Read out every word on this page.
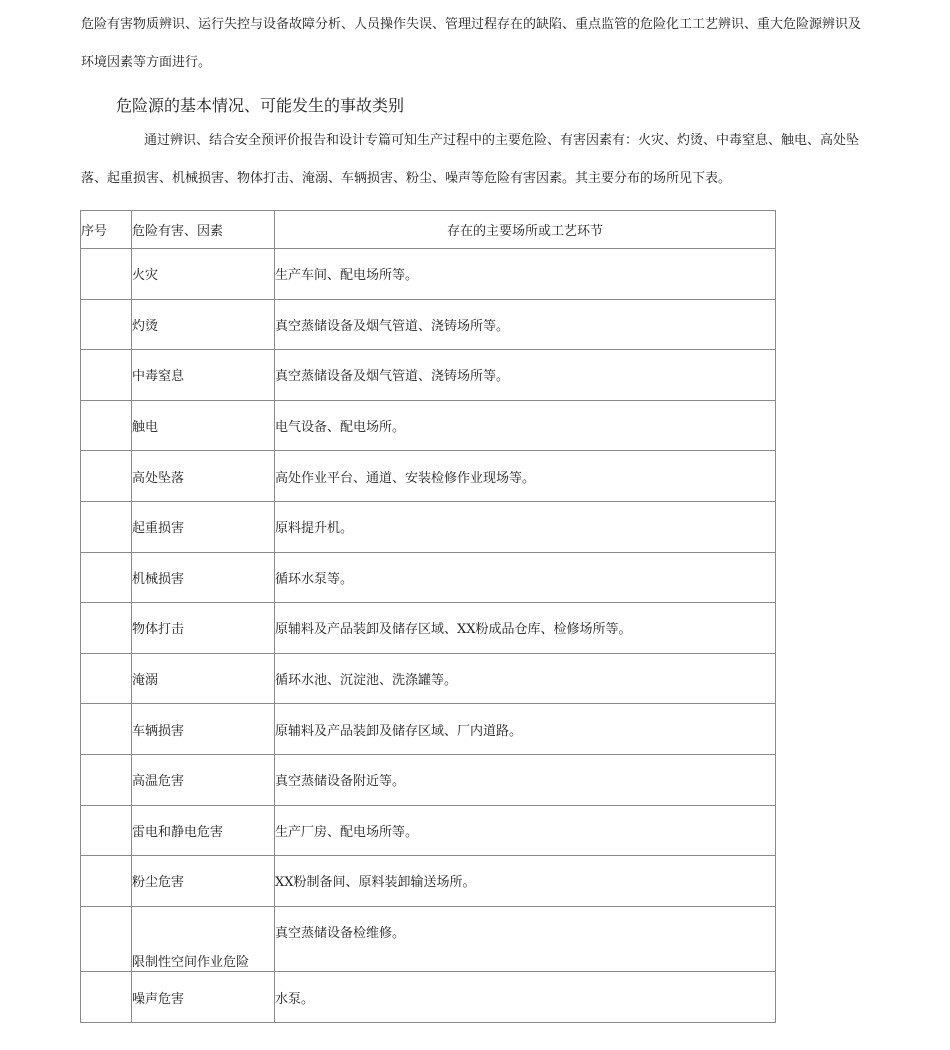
危险有害物质辨识、运行失控与设备故障分析、人员操作失误、管理过程存在的缺陷、重点监管的危险化工工艺辨识、重大危险源辨识及环境因素等方面进行。

危险源的基本情况、可能发生的事故类别

通过辨识、结合安全预评价报告和设计专篇可知生产过程中的主要危险、有害因素有：火灾、灼烫、中毒窒息、触电、高处坠落、起重损害、机械损害、物体打击、淹溺、车辆损害、粉尘、噪声等危险有害因素。其主要分布的场所见下表。

序号	危险有害、因素	存在的主要场所或工艺环节
	火灾	生产车间、配电场所等。
	灼烫	真空蒸储设备及烟气管道、浇铸场所等。
	中毒窒息	真空蒸储设备及烟气管道、浇铸场所等。
	触电	电气设备、配电场所。
	高处坠落	高处作业平台、通道、安装检修作业现场等。
	起重损害	原料提升机。
	机械损害	循环水泵等。
	物体打击	原辅料及产品装卸及储存区域、XX粉成品仓库、检修场所等。
	淹溺	循环水池、沉淀池、洗涤罐等。
	车辆损害	原辅料及产品装卸及储存区域、厂内道路。
	高温危害	真空蒸储设备附近等。
	雷电和静电危害	生产厂房、配电场所等。
	粉尘危害	XX粉制备间、原料装卸输送场所。
	限制性空间作业危险	真空蒸储设备检维修。
	噪声危害	水泵。
